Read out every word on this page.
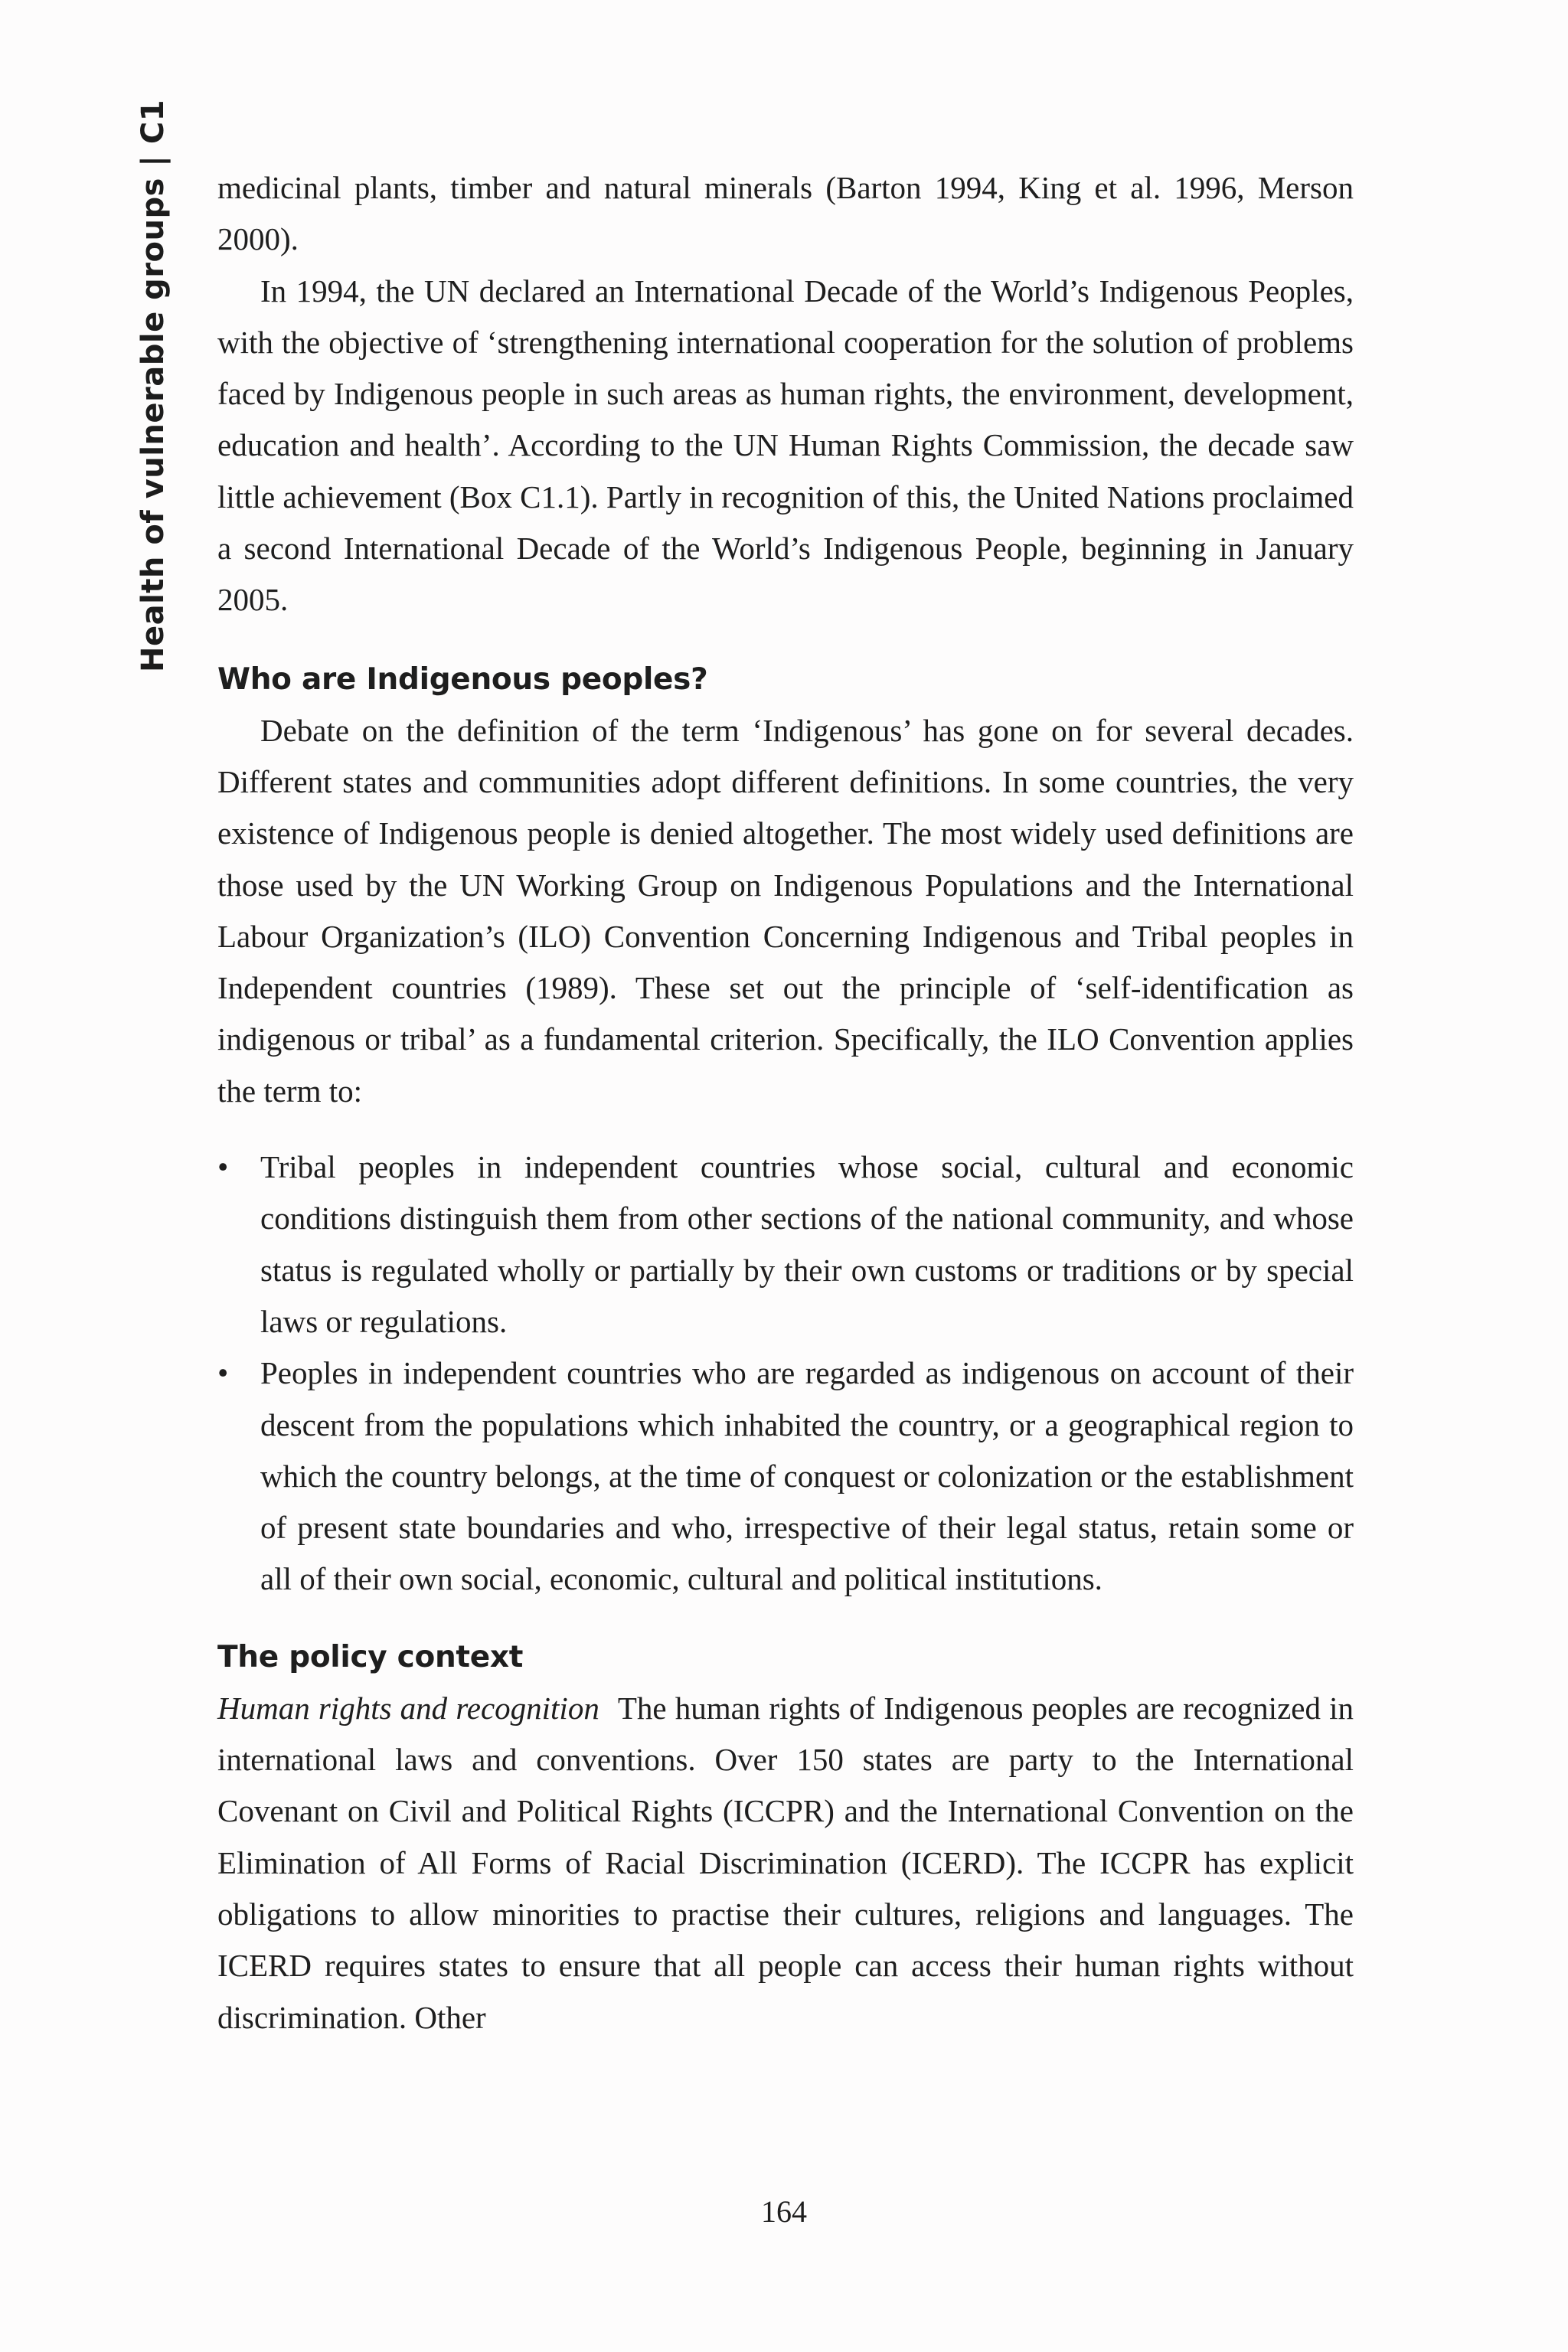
Health of vulnerable groups | C1 medicinal plants, timber and natural minerals (Barton 1994, King et al. 1996, Merson 2000).

In 1994, the UN declared an International Decade of the World’s Indigenous Peoples, with the objective of ‘strengthening international cooperation for the solution of problems faced by Indigenous people in such areas as human rights, the environment, development, education and health’. According to the UN Human Rights Commission, the decade saw little achievement (Box C1.1). Partly in recognition of this, the United Nations proclaimed a second International Decade of the World’s Indigenous People, beginning in January 2005.

Who are Indigenous peoples?

Debate on the definition of the term ‘Indigenous’ has gone on for several decades. Different states and communities adopt different definitions. In some countries, the very existence of Indigenous people is denied altogether. The most widely used definitions are those used by the UN Working Group on Indigenous Populations and the International Labour Organization’s (ILO) Convention Concerning Indigenous and Tribal peoples in Independent countries (1989). These set out the principle of ‘self-identification as indigenous or tribal’ as a fundamental criterion. Specifically, the ILO Convention applies the term to:

• Tribal peoples in independent countries whose social, cultural and economic conditions distinguish them from other sections of the national community, and whose status is regulated wholly or partially by their own customs or traditions or by special laws or regulations.
• Peoples in independent countries who are regarded as indigenous on account of their descent from the populations which inhabited the country, or a geographical region to which the country belongs, at the time of conquest or colonization or the establishment of present state boundaries and who, irrespective of their legal status, retain some or all of their own social, economic, cultural and political institutions.
The policy context

Human rights and recognition The human rights of Indigenous peoples are recognized in international laws and conventions. Over 150 states are party to the International Covenant on Civil and Political Rights (ICCPR) and the International Convention on the Elimination of All Forms of Racial Discrimination (ICERD). The ICCPR has explicit obligations to allow minorities to practise their cultures, religions and languages. The ICERD requires states to ensure that all people can access their human rights without discrimination. Other

164
